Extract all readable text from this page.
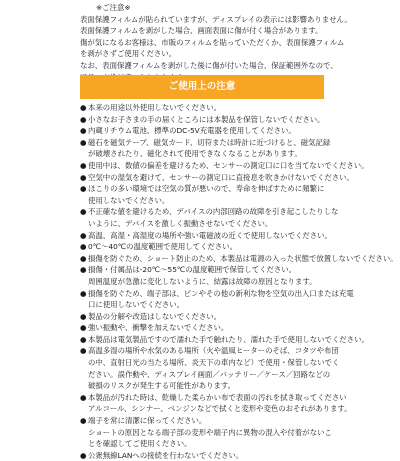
※ご注意※
表面保護フィルムが貼られていますが、ディスプレイの表示には影響ありません。
表面保護フィルムを剥がした場合、画面表面に傷が付く場合があります。
傷が気になるお客様は、市販のフィルムを貼っていただくか、表面保護フィルム
を剥がさずご使用ください。
なお、表面保護フィルムを剥がした後に傷が付いた場合、保証範囲外なので、
ご使用上の注意
● 本来の用途以外使用しないでください。
● 小さなお子さまの手の届くところには本製品を保管しないでください。
● 内蔵リチウム電池、標準のDC-5V充電器を使用してください。
● 磁石を磁気テープ、磁気カード、切符または時計に近づけると、磁気記録
が破壊されたり、磁化されて使用できなくなることがあります。
● 使用中は、数値の偏差を避けるため、センサーの測定口に口を当てないでください。
● 空気中の湿気を避けて、センサーの測定口に直接息を吹きかけないでください。
● ほこりの多い環境では空気の質が悪いので、寿命を伸ばすために頻繁に
使用しないでください。
● 不正確な値を避けるため、デバイスの内部回路の故障を引き起こしたりしな
いように、デバイスを激しく振動させないでください。
● 高温、高湿・高湿度の場所や強い電磁波の近くで使用しないでください。
● 0℃〜40℃の温度範囲で使用してください。
● 損傷を防ぐため、ショート防止のため、本製品は電源の入った状態で放置しないでください。
● 損傷・付属品は-20℃〜55℃の温度範囲で保管してください。
周囲温度が急激に変化しないように、結露は故障の原因となります。
● 損傷を防ぐため、端子部は、ピンやその他の新利な物を空気の出入口または充電
口に使用しないでください。
● 製品の分解や改造はしないでください。
● 強い振動や、衝撃を加えないでください。
● 本製品は電気製品ですので濡れた手で触れたり、濡れた手で使用しないでください。
● 高温多湿の場所や水気のある場所（火や温風ヒーターのそば、コタツや布団
の中、直射日光の当たる場所、炎天下の車内など）で使用・保管しないでく
ださい。誤作動や、ディスプレイ画面／バッテリー／ケース／回路などの
破損のリスクが発生する可能性があります。
● 本製品が汚れた時は、乾燥した柔らかい布で表面の汚れを拭き取ってください
アルコール、シンナー、ベンジンなどで拭くと変形や変色のおそれがあります。
● 端子を常に清潔に保ってください。
ショートの原因となる端子部の変形や端子内に異物の混入や付着がないこ
とを確認してご使用ください。
● 公衆無線LANへの接続を行わないでください。
